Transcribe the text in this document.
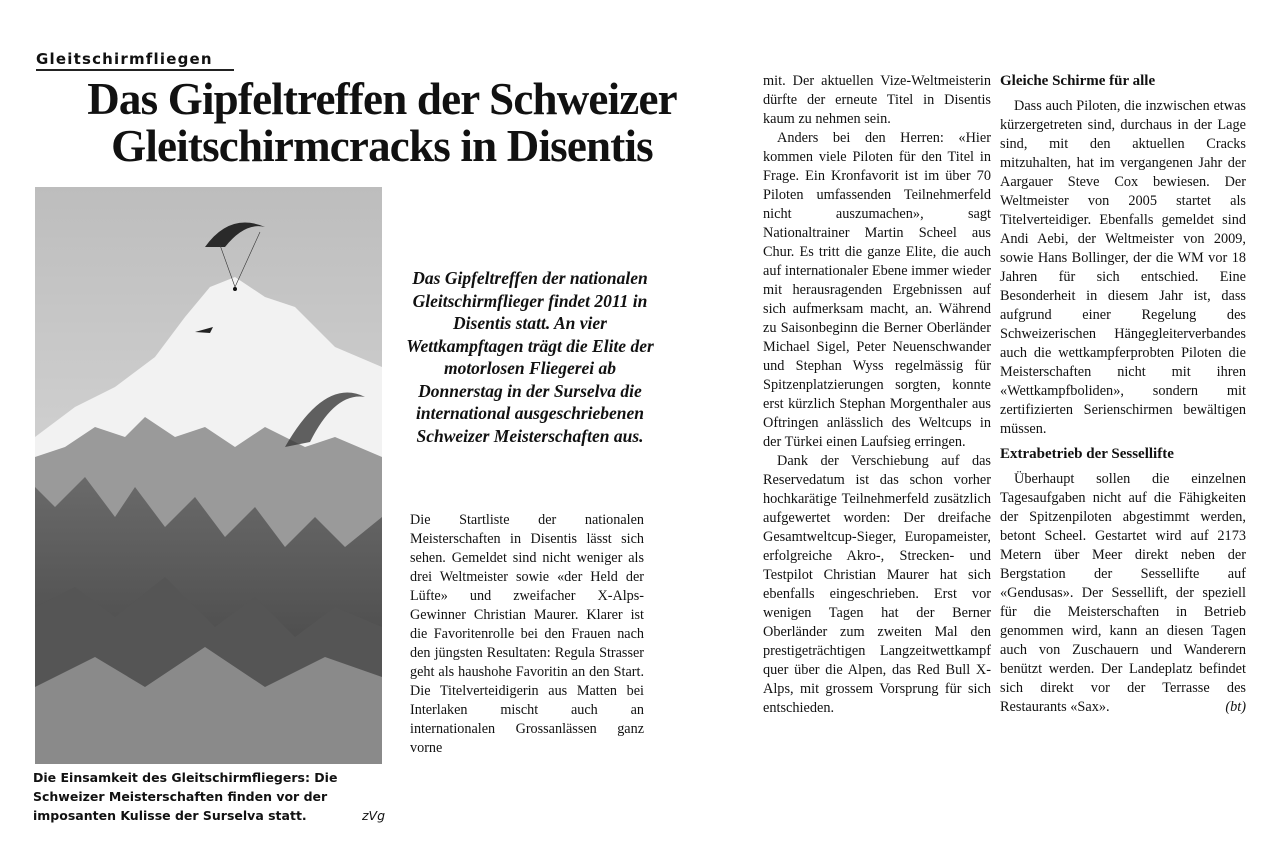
Gleitschirmfliegen
Das Gipfeltreffen der Schweizer
Gleitschirmcracks in Disentis
Die Einsamkeit des Gleitschirmfliegers: Die Schweizer Meisterschaften finden vor der imposanten Kulisse der Surselva statt.	zVg

Das Gipfeltreffen der nationalen Gleitschirmflieger findet 2011 in Disentis statt. An vier Wettkampftagen trägt die Elite der motorlosen Fliegerei ab Donnerstag in der Surselva die international ausgeschriebenen Schweizer Meisterschaften aus.

Die Startliste der nationalen Meisterschaften in Disentis lässt sich sehen. Gemeldet sind nicht weniger als drei Weltmeister sowie «der Held der Lüfte» und zweifacher X-Alps-Gewinner Christian Maurer. Klarer ist die Favoritenrolle bei den Frauen nach den jüngsten Resultaten: Regula Strasser geht als haushohe Favoritin an den Start. Die Titelverteidigerin aus Matten bei Interlaken mischt auch an internationalen Grossanlässen ganz vorne

mit. Der aktuellen Vize-Weltmeisterin dürfte der erneute Titel in Disentis kaum zu nehmen sein.

Anders bei den Herren: «Hier kommen viele Piloten für den Titel in Frage. Ein Kronfavorit ist im über 70 Piloten umfassenden Teilnehmerfeld nicht auszumachen», sagt Nationaltrainer Martin Scheel aus Chur. Es tritt die ganze Elite, die auch auf internationaler Ebene immer wieder mit herausragenden Ergebnissen auf sich aufmerksam macht, an. Während zu Saisonbeginn die Berner Oberländer Michael Sigel, Peter Neuenschwander und Stephan Wyss regelmässig für Spitzenplatzierungen sorgten, konnte erst kürzlich Stephan Morgenthaler aus Oftringen anlässlich des Weltcups in der Türkei einen Laufsieg erringen.

Dank der Verschiebung auf das Reservedatum ist das schon vorher hochkarätige Teilnehmerfeld zusätzlich aufgewertet worden: Der dreifache Gesamtweltcup-Sieger, Europameister, erfolgreiche Akro-, Strecken- und Testpilot Christian Maurer hat sich ebenfalls eingeschrieben. Erst vor wenigen Tagen hat der Berner Oberländer zum zweiten Mal den prestigeträchtigen Langzeitwettkampf quer über die Alpen, das Red Bull X-Alps, mit grossem Vorsprung für sich entschieden.

Gleiche Schirme für alle

Dass auch Piloten, die inzwischen etwas kürzergetreten sind, durchaus in der Lage sind, mit den aktuellen Cracks mitzuhalten, hat im vergangenen Jahr der Aargauer Steve Cox bewiesen. Der Weltmeister von 2005 startet als Titelverteidiger. Ebenfalls gemeldet sind Andi Aebi, der Weltmeister von 2009, sowie Hans Bollinger, der die WM vor 18 Jahren für sich entschied. Eine Besonderheit in diesem Jahr ist, dass aufgrund einer Regelung des Schweizerischen Hängegleiterverbandes auch die wettkampferprobten Piloten die Meisterschaften nicht mit ihren «Wettkampfboliden», sondern mit zertifizierten Serienschirmen bewältigen müssen.

Extrabetrieb der Sessellifte

Überhaupt sollen die einzelnen Tagesaufgaben nicht auf die Fähigkeiten der Spitzenpiloten abgestimmt werden, betont Scheel. Gestartet wird auf 2173 Metern über Meer direkt neben der Bergstation der Sessellifte auf «Gendusas». Der Sessellift, der speziell für die Meisterschaften in Betrieb genommen wird, kann an diesen Tagen auch von Zuschauern und Wanderern benützt werden. Der Landeplatz befindet sich direkt vor der Terrasse des Restaurants «Sax».	(bt)
